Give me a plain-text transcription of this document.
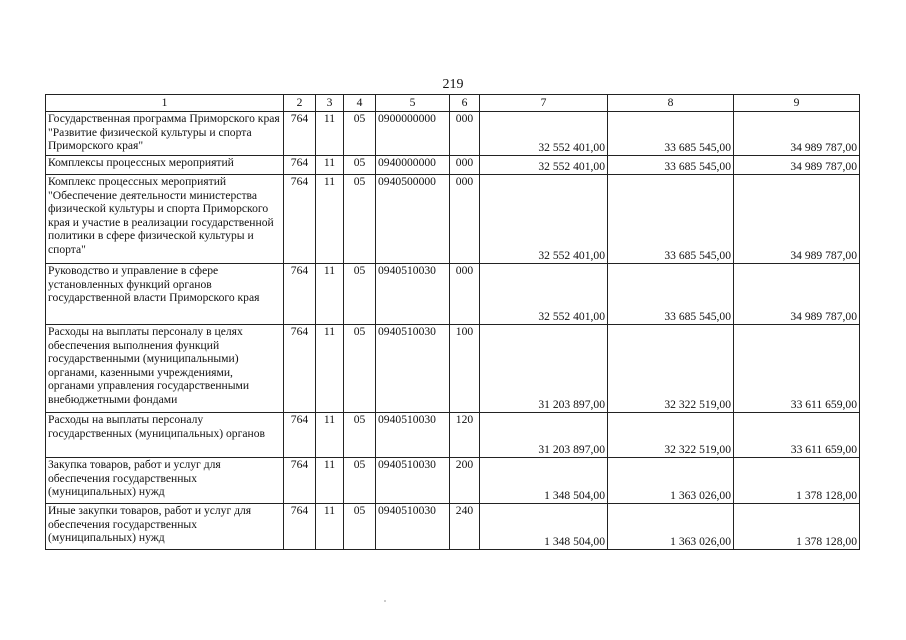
219
1	2	3	4	5	6	7	8	9
Государственная программа Приморского края "Развитие физической культуры и спорта Приморского края"	764	11	05	0900000000	000	32 552 401,00	33 685 545,00	34 989 787,00
Комплексы процессных мероприятий	764	11	05	0940000000	000	32 552 401,00	33 685 545,00	34 989 787,00
Комплекс процессных мероприятий "Обеспечение деятельности министерства физической культуры и спорта Приморского края и участие в реализации государственной политики в сфере физической культуры и спорта"	764	11	05	0940500000	000	32 552 401,00	33 685 545,00	34 989 787,00
Руководство и управление в сфере установленных функций органов государственной власти Приморского края	764	11	05	0940510030	000	32 552 401,00	33 685 545,00	34 989 787,00
Расходы на выплаты персоналу в целях обеспечения выполнения функций государственными (муниципальными) органами, казенными учреждениями, органами управления государственными внебюджетными фондами	764	11	05	0940510030	100	31 203 897,00	32 322 519,00	33 611 659,00
Расходы на выплаты персоналу государственных (муниципальных) органов	764	11	05	0940510030	120	31 203 897,00	32 322 519,00	33 611 659,00
Закупка товаров, работ и услуг для обеспечения государственных (муниципальных) нужд	764	11	05	0940510030	200	1 348 504,00	1 363 026,00	1 378 128,00
Иные закупки товаров, работ и услуг для обеспечения государственных (муниципальных) нужд	764	11	05	0940510030	240	1 348 504,00	1 363 026,00	1 378 128,00
